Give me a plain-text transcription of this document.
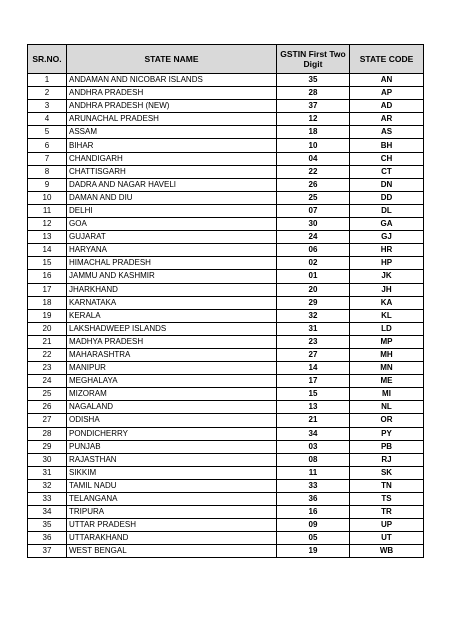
SR.NO.	STATE NAME	GSTIN First Two Digit	STATE CODE
1	ANDAMAN AND NICOBAR ISLANDS	35	AN
2	ANDHRA PRADESH	28	AP
3	ANDHRA PRADESH (NEW)	37	AD
4	ARUNACHAL PRADESH	12	AR
5	ASSAM	18	AS
6	BIHAR	10	BH
7	CHANDIGARH	04	CH
8	CHATTISGARH	22	CT
9	DADRA AND NAGAR HAVELI	26	DN
10	DAMAN AND DIU	25	DD
11	DELHI	07	DL
12	GOA	30	GA
13	GUJARAT	24	GJ
14	HARYANA	06	HR
15	HIMACHAL PRADESH	02	HP
16	JAMMU AND KASHMIR	01	JK
17	JHARKHAND	20	JH
18	KARNATAKA	29	KA
19	KERALA	32	KL
20	LAKSHADWEEP ISLANDS	31	LD
21	MADHYA PRADESH	23	MP
22	MAHARASHTRA	27	MH
23	MANIPUR	14	MN
24	MEGHALAYA	17	ME
25	MIZORAM	15	MI
26	NAGALAND	13	NL
27	ODISHA	21	OR
28	PONDICHERRY	34	PY
29	PUNJAB	03	PB
30	RAJASTHAN	08	RJ
31	SIKKIM	11	SK
32	TAMIL NADU	33	TN
33	TELANGANA	36	TS
34	TRIPURA	16	TR
35	UTTAR PRADESH	09	UP
36	UTTARAKHAND	05	UT
37	WEST BENGAL	19	WB
